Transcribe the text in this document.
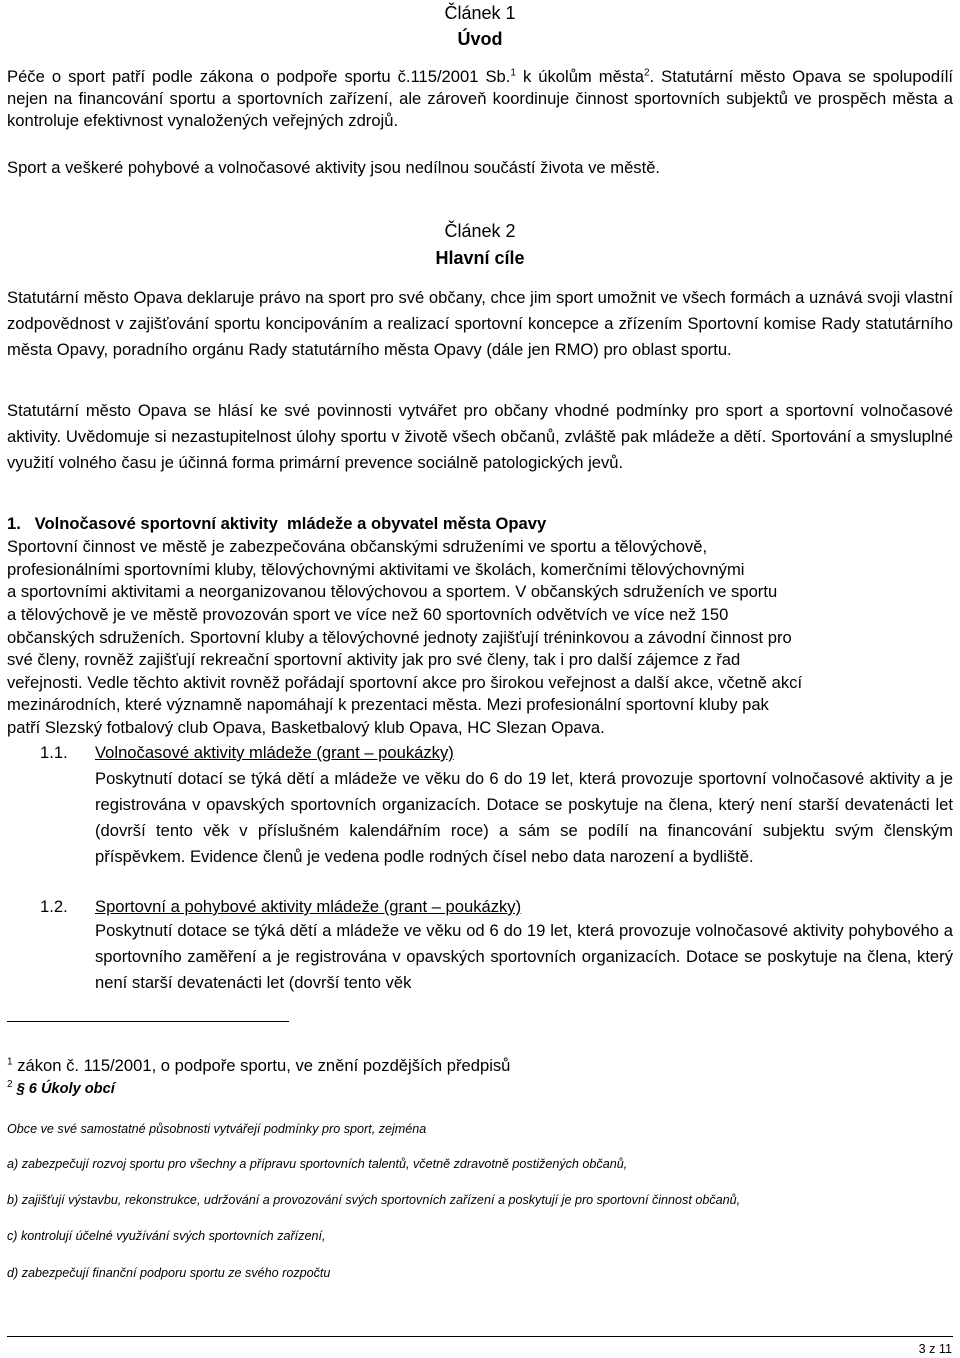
Článek 1
Úvod
Péče o sport patří podle zákona o podpoře sportu č.115/2001 Sb.$^1$ k úkolům města$^2$. Statutární město Opava se spolupodílí nejen na financování sportu a sportovních zařízení, ale zároveň koordinuje činnost sportovních subjektů ve prospěch města a kontroluje efektivnost vynaložených veřejných zdrojů.
Sport a veškeré pohybové a volnočasové aktivity jsou nedílnou součástí života ve městě.
Článek 2
Hlavní cíle
Statutární město Opava deklaruje právo na sport pro své občany, chce jim sport umožnit ve všech formách a uznává svoji vlastní zodpovědnost v zajišťování sportu koncipováním a realizací sportovní koncepce a zřízením Sportovní komise Rady statutárního města Opavy, poradního orgánu Rady statutárního města Opavy (dále jen RMO) pro oblast sportu.
Statutární město Opava se hlásí ke své povinnosti vytvářet pro občany vhodné podmínky pro sport a sportovní volnočasové aktivity. Uvědomuje si nezastupitelnost úlohy sportu v životě všech občanů, zvláště pak mládeže a dětí. Sportování a smysluplné využití volného času je účinná forma primární prevence sociálně patologických jevů.
1.   Volnočasové sportovní aktivity  mládeže a obyvatel města Opavy
Sportovní činnost ve městě je zabezpečována občanskými sdruženími ve sportu a tělovýchově,
profesionálními sportovními kluby, tělovýchovnými aktivitami ve školách, komerčními tělovýchovnými
a sportovními aktivitami a neorganizovanou tělovýchovou a sportem. V občanských sdruženích ve sportu
a tělovýchově je ve městě provozován sport ve více než 60 sportovních odvětvích ve více než 150
občanských sdruženích. Sportovní kluby a tělovýchovné jednoty zajišťují tréninkovou a závodní činnost pro
své členy, rovněž zajišťují rekreační sportovní aktivity jak pro své členy, tak i pro další zájemce z řad
veřejnosti. Vedle těchto aktivit rovněž pořádají sportovní akce pro širokou veřejnost a další akce, včetně akcí
mezinárodních, které významně napomáhají k prezentaci města. Mezi profesionální sportovní kluby pak
patří Slezský fotbalový club Opava, Basketbalový klub Opava, HC Slezan Opava.
1.1.	Volnočasové aktivity mládeže (grant – poukázky)
Poskytnutí dotací se týká dětí a mládeže ve věku do 6 do 19 let, která provozuje sportovní volnočasové aktivity a je registrována v opavských sportovních organizacích. Dotace se poskytuje na člena, který není starší devatenácti let (dovrší tento věk v příslušném kalendářním roce) a sám se podílí na financování subjektu svým členským příspěvkem. Evidence členů je vedena podle rodných čísel nebo data narození a bydliště.
1.2.	Sportovní a pohybové aktivity mládeže (grant – poukázky)
Poskytnutí dotace se týká dětí a mládeže ve věku od 6 do 19 let, která provozuje volnočasové aktivity pohybového a sportovního zaměření a je registrována v opavských sportovních organizacích. Dotace se poskytuje na člena, který není starší devatenácti let (dovrší tento věk
$^1$ zákon č. 115/2001, o podpoře sportu, ve znění pozdějších předpisů
$^2$ § 6 Úkoly obcí
Obce ve své samostatné působnosti vytvářejí podmínky pro sport, zejména
a) zabezpečují rozvoj sportu pro všechny a přípravu sportovních talentů, včetně zdravotně postižených občanů,
b) zajišťují výstavbu, rekonstrukce, udržování a provozování svých sportovních zařízení a poskytují je pro sportovní činnost občanů,
c) kontrolují účelné využívání svých sportovních zařízení,
d) zabezpečují finanční podporu sportu ze svého rozpočtu
3 z 11
